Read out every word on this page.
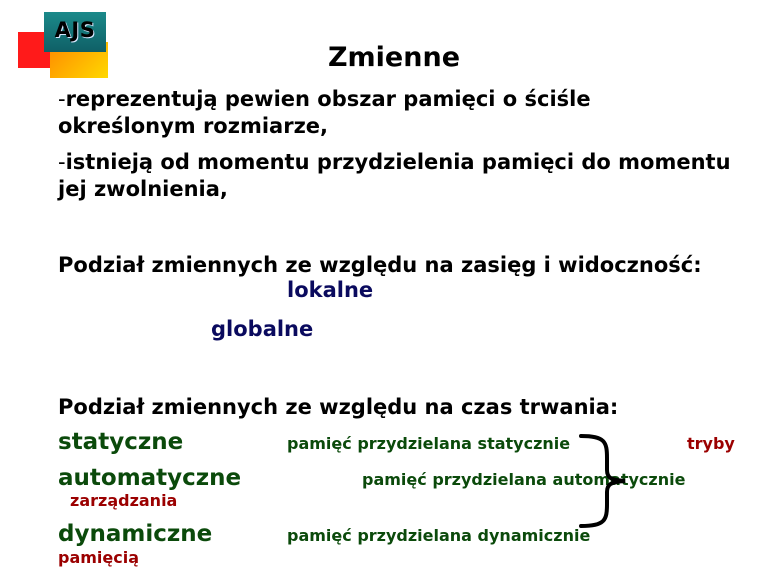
AJS
Zmienne
-reprezentują pewien obszar pamięci o ściśle
określonym rozmiarze,
-istnieją od momentu przydzielenia pamięci do momentu
jej zwolnienia,
Podział zmiennych ze względu na zasięg i widoczność:
lokalne
globalne
Podział zmiennych ze względu na czas trwania:
statyczne	pamięć przydzielana statycznie
automatyczne	pamięć przydzielana automatycznie
dynamiczne	pamięć przydzielana dynamicznie
tryby
zarządzania
pamięcią
